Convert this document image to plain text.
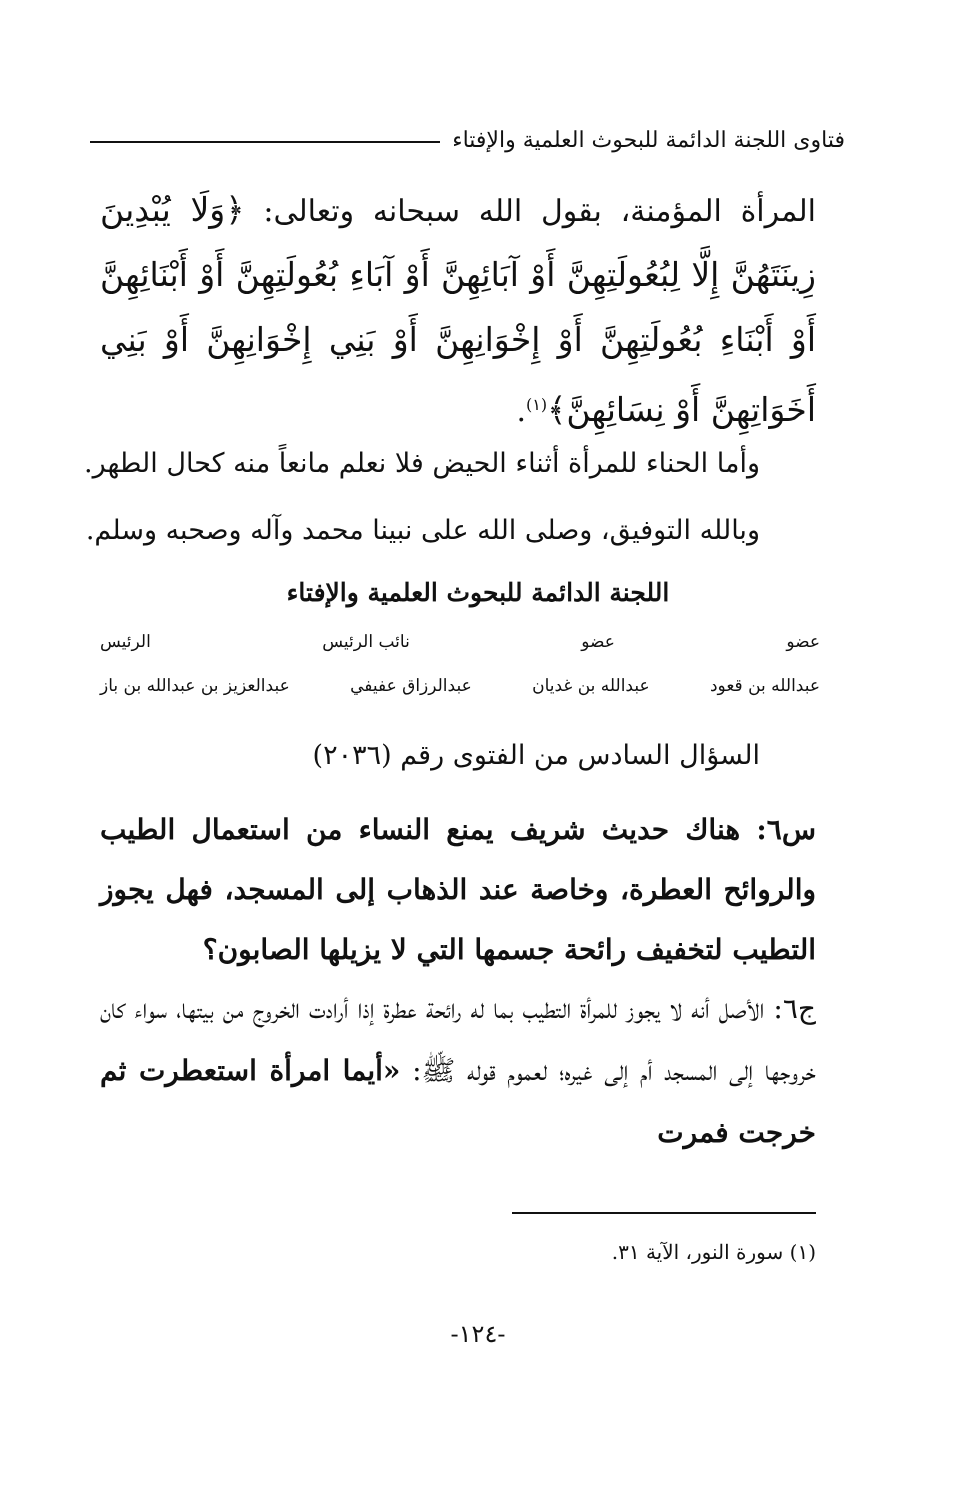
فتاوى اللجنة الدائمة للبحوث العلمية والإفتاء
المرأة المؤمنة، بقول الله سبحانه وتعالى: ﴿وَلَا يُبْدِينَ زِينَتَهُنَّ إِلَّا لِبُعُولَتِهِنَّ أَوْ آبَائِهِنَّ أَوْ آبَاءِ بُعُولَتِهِنَّ أَوْ أَبْنَائِهِنَّ أَوْ أَبْنَاءِ بُعُولَتِهِنَّ أَوْ إِخْوَانِهِنَّ أَوْ بَنِي إِخْوَانِهِنَّ أَوْ بَنِي أَخَوَاتِهِنَّ أَوْ نِسَائِهِنَّ﴾$^{(١)}$.
وأما الحناء للمرأة أثناء الحيض فلا نعلم مانعاً منه كحال الطهر.
وبالله التوفيق، وصلى الله على نبينا محمد وآله وصحبه وسلم.
اللجنة الدائمة للبحوث العلمية والإفتاء
عضو
عضو
نائب الرئيس
الرئيس
عبدالله بن قعود
عبدالله بن غديان
عبدالرزاق عفيفي
عبدالعزيز بن عبدالله بن باز
السؤال السادس من الفتوى رقم (٢٠٣٦)
س٦: هناك حديث شريف يمنع النساء من استعمال الطيب والروائح العطرة، وخاصة عند الذهاب إلى المسجد، فهل يجوز التطيب لتخفيف رائحة جسمها التي لا يزيلها الصابون؟
ج٦: الأصل أنه لا يجوز للمرأة التطيب بما له رائحة عطرة إذا أرادت الخروج من بيتها، سواء كان خروجها إلى المسجد أم إلى غيره؛ لعموم قوله ﷺ: «أيما امرأة استعطرت ثم خرجت فمرت
(١) سورة النور، الآية ٣١.
-١٢٤-
